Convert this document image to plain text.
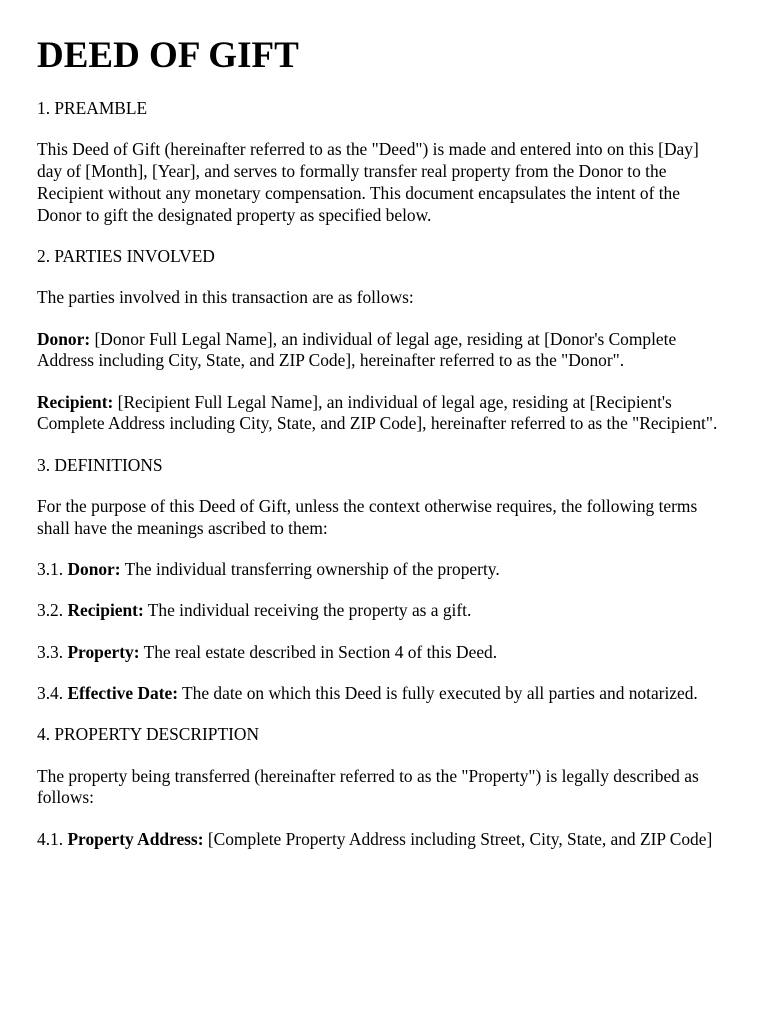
DEED OF GIFT
1. PREAMBLE
This Deed of Gift (hereinafter referred to as the "Deed") is made and entered into on this [Day] day of [Month], [Year], and serves to formally transfer real property from the Donor to the Recipient without any monetary compensation. This document encapsulates the intent of the Donor to gift the designated property as specified below.
2. PARTIES INVOLVED
The parties involved in this transaction are as follows:
Donor: [Donor Full Legal Name], an individual of legal age, residing at [Donor's Complete Address including City, State, and ZIP Code], hereinafter referred to as the "Donor".
Recipient: [Recipient Full Legal Name], an individual of legal age, residing at [Recipient's Complete Address including City, State, and ZIP Code], hereinafter referred to as the "Recipient".
3. DEFINITIONS
For the purpose of this Deed of Gift, unless the context otherwise requires, the following terms shall have the meanings ascribed to them:
3.1. Donor: The individual transferring ownership of the property.
3.2. Recipient: The individual receiving the property as a gift.
3.3. Property: The real estate described in Section 4 of this Deed.
3.4. Effective Date: The date on which this Deed is fully executed by all parties and notarized.
4. PROPERTY DESCRIPTION
The property being transferred (hereinafter referred to as the "Property") is legally described as follows:
4.1. Property Address: [Complete Property Address including Street, City, State, and ZIP Code]
